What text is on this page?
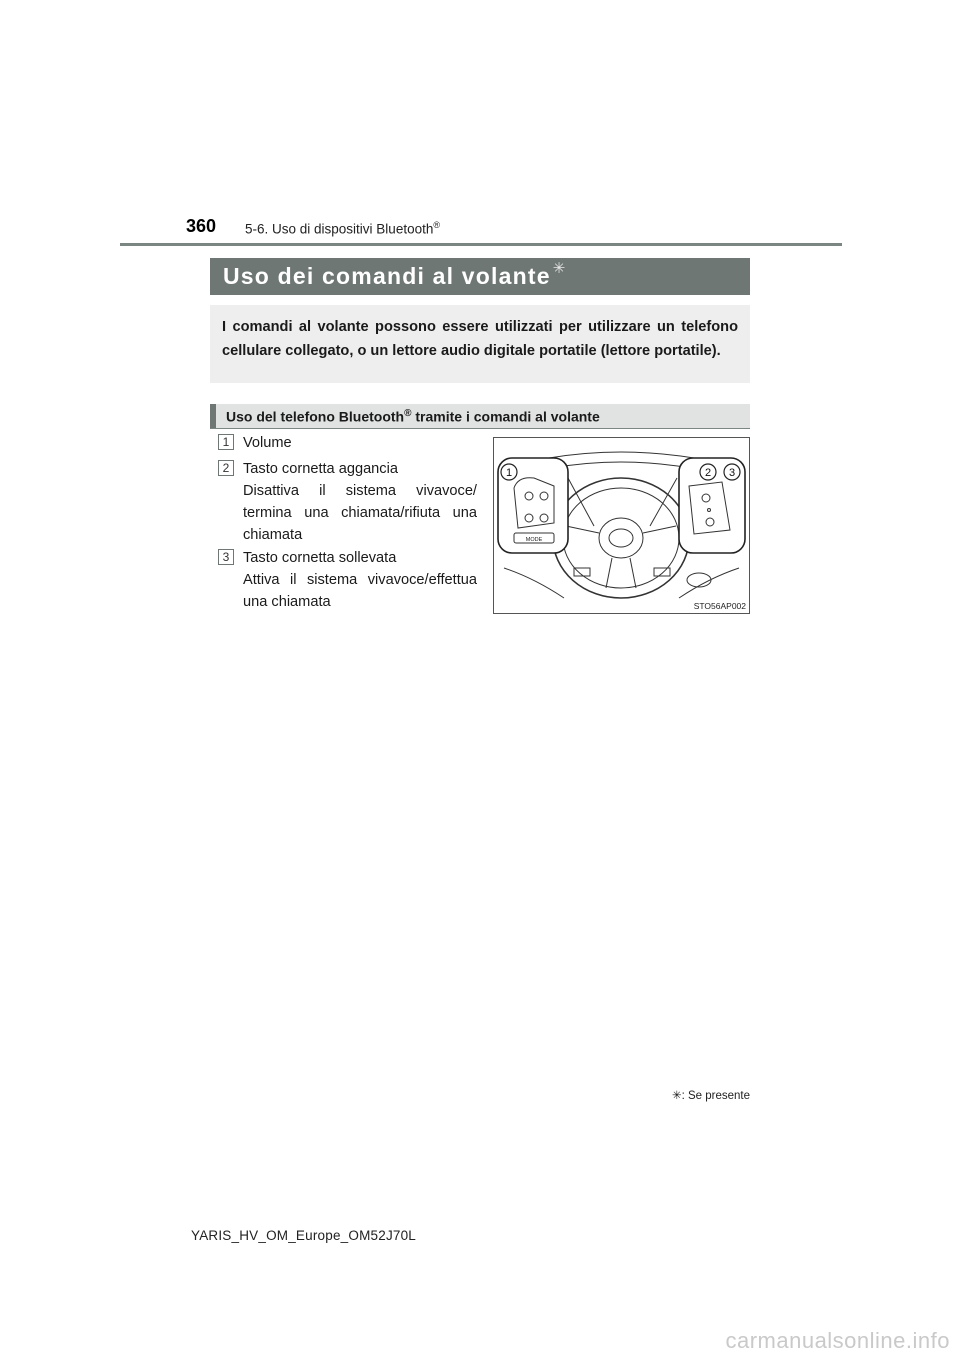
360 5-6. Uso di dispositivi Bluetooth®
Uso dei comandi al volante ✳
I comandi al volante possono essere utilizzati per utilizzare un telefono cellulare collegato, o un lettore audio digitale portatile (lettore portatile).
Uso del telefono Bluetooth® tramite i comandi al volante
1 Volume
2 Tasto cornetta aggancia
Disattiva il sistema vivavoce/ termina una chiamata/rifiuta una chiamata
3 Tasto cornetta sollevata
Attiva il sistema vivavoce/effettua una chiamata
MODE
1	2 3
STO56AP002
✳: Se presente
YARIS_HV_OM_Europe_OM52J70L
carmanualsonline.info
